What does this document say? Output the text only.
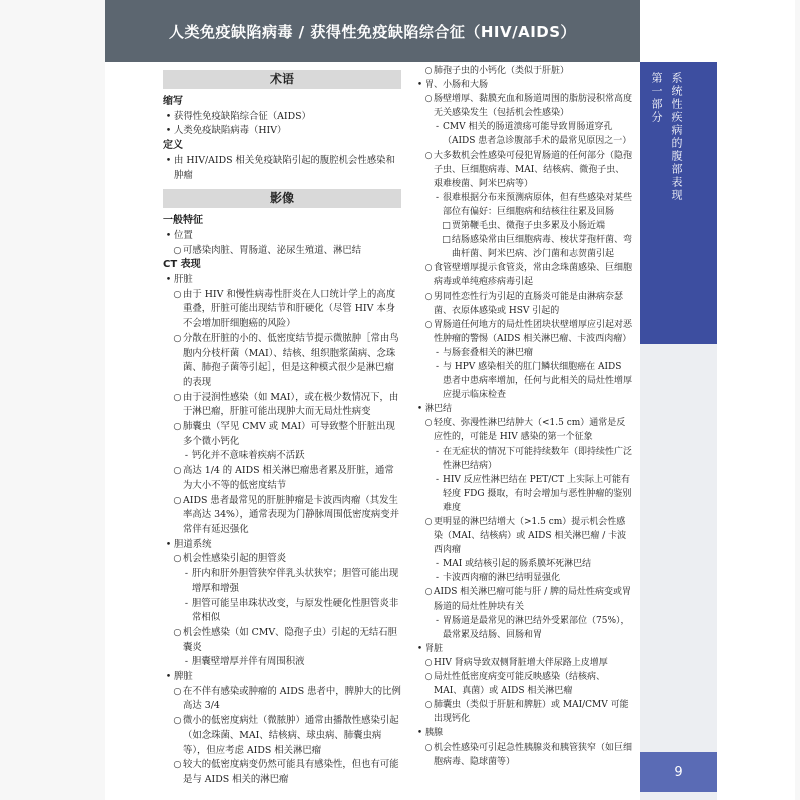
人类免疫缺陷病毒 / 获得性免疫缺陷综合征（HIV/AIDS）
第一部分 系统性疾病的腹部表现
9
术语
缩写
• 获得性免疫缺陷综合征（AIDS）
• 人类免疫缺陷病毒（HIV）
定义
• 由 HIV/AIDS 相关免疫缺陷引起的腹腔机会性感染和肿瘤
影像
一般特征
• 位置
○ 可感染肉脏、胃肠道、泌尿生殖道、淋巴结
CT 表现
• 肝脏
○ 由于 HIV 和慢性病毒性肝炎在人口统计学上的高度重叠，肝脏可能出现结节和肝硬化（尽管 HIV 本身不会增加肝细胞癌的风险）
○ 分散在肝脏的小的、低密度结节提示微脓肿［常由鸟胞内分枝杆菌（MAI）、结核、组织胞浆菌病、念珠菌、肺孢子菌等引起］，但是这种模式很少是淋巴瘤的表现
○ 由于浸润性感染（如 MAI），或在极少数情况下，由于淋巴瘤，肝脏可能出现肿大而无局灶性病变
○ 肺囊虫（罕见 CMV 或 MAI）可导致整个肝脏出现多个微小钙化
- 钙化并不意味着疾病不活跃
○ 高达 1/4 的 AIDS 相关淋巴瘤患者累及肝脏，通常为大小不等的低密度结节
○ AIDS 患者最常见的肝脏肿瘤是卡波西肉瘤（其发生率高达 34%），通常表现为门静脉周围低密度病变并常伴有延迟强化
• 胆道系统
○ 机会性感染引起的胆管炎
- 肝内和肝外胆管狭窄伴乳头状狭窄；胆管可能出现增厚和增强
- 胆管可能呈串珠状改变，与原发性硬化性胆管炎非常相似
○ 机会性感染（如 CMV、隐孢子虫）引起的无结石胆囊炎
- 胆囊壁增厚并伴有周围积液
• 脾脏
○ 在不伴有感染或肿瘤的 AIDS 患者中，脾肿大的比例高达 3/4
○ 微小的低密度病灶（微脓肿）通常由播散性感染引起（如念珠菌、MAI、结核病、球虫病、肺囊虫病等），但应考虑 AIDS 相关淋巴瘤
○ 较大的低密度病变仍然可能具有感染性，但也有可能是与 AIDS 相关的淋巴瘤
○ 肺孢子虫的小钙化（类似于肝脏）
• 胃、小肠和大肠
○ 肠壁增厚、黏膜充血和肠道周围的脂肪浸积常高度无关感染发生（包括机会性感染）
- CMV 相关的肠道溃疡可能导致胃肠道穿孔（AIDS 患者急诊腹部手术的最常见原因之一）
○ 大多数机会性感染可侵犯胃肠道的任何部分（隐孢子虫、巨细胞病毒、MAI、结核病、微孢子虫、艰难梭菌、阿米巴病等）
- 很难根据分布来预测病原体，但有些感染对某些部位有偏好：巨细胞病和结核往往累及回肠
□ 贾第鞭毛虫、微孢子虫多累及小肠近端
□ 结肠感染常由巨细胞病毒、梭状芽孢杆菌、弯曲杆菌、阿米巴病、沙门菌和志贺菌引起
○ 食管壁增厚提示食管炎，常由念珠菌感染、巨细胞病毒或单纯疱疹病毒引起
○ 男同性恋性行为引起的直肠炎可能是由淋病奈瑟菌、衣原体感染或 HSV 引起的
○ 胃肠道任何地方的局灶性团块状壁增厚应引起对恶性肿瘤的警惕（AIDS 相关淋巴瘤、卡波西肉瘤）
- 与肠套叠相关的淋巴瘤
- 与 HPV 感染相关的肛门鳞状细胞癌在 AIDS 患者中患病率增加，任何与此相关的局灶性增厚应提示临床检查
• 淋巴结
○ 轻度、弥漫性淋巴结肿大（<1.5 cm）通常是反应性的，可能是 HIV 感染的第一个征象
- 在无症状的情况下可能持续数年（即持续性广泛性淋巴结病）
- HIV 反应性淋巴结在 PET/CT 上实际上可能有轻度 FDG 摄取，有时会增加与恶性肿瘤的鉴别难度
○ 更明显的淋巴结增大（>1.5 cm）提示机会性感染（MAI、结核病）或 AIDS 相关淋巴瘤 / 卡波西肉瘤
- MAI 或结核引起的肠系膜坏死淋巴结
- 卡波西肉瘤的淋巴结明显强化
○ AIDS 相关淋巴瘤可能与肝 / 脾的局灶性病变或胃肠道的局灶性肿块有关
- 胃肠道是最常见的淋巴结外受累部位（75%），最常累及结肠、回肠和胃
• 肾脏
○ HIV 肾病导致双侧肾脏增大伴尿路上皮增厚
○ 局灶性低密度病变可能反映感染（结核病、MAI、真菌）或 AIDS 相关淋巴瘤
○ 肺囊虫（类似于肝脏和脾脏）或 MAI/CMV 可能出现钙化
• 胰腺
○ 机会性感染可引起急性胰腺炎和胰管狭窄（如巨细胞病毒、隐球菌等）
